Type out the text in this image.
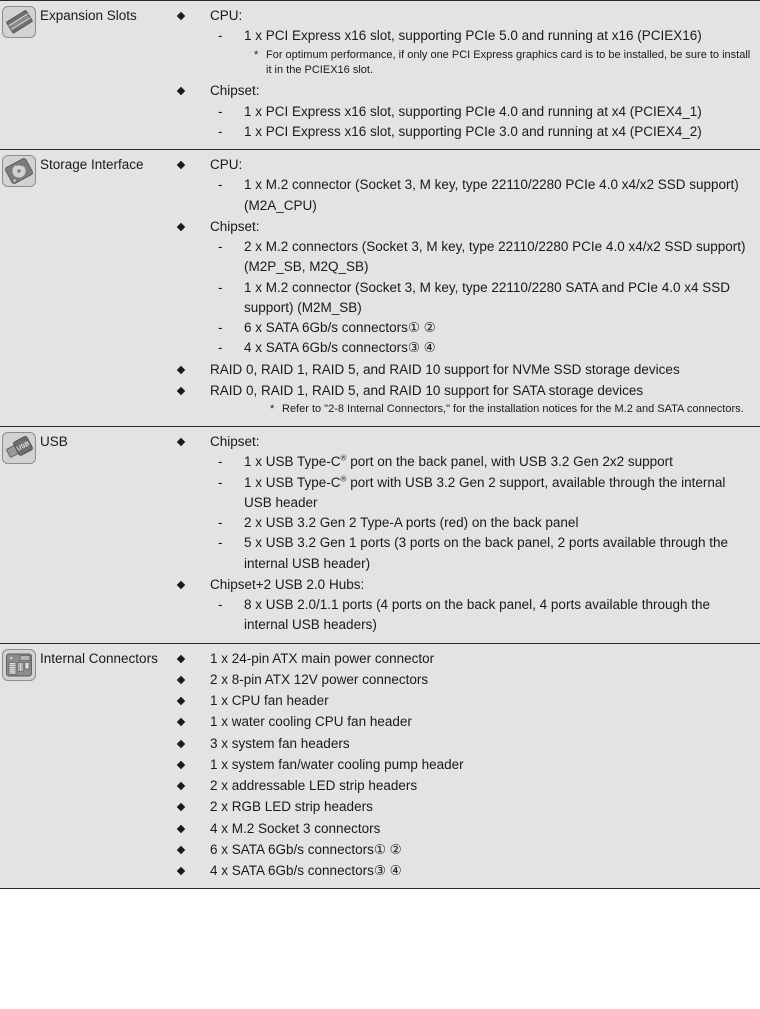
	Expansion Slots	CPU:
- 1 x PCI Express x16 slot, supporting PCIe 5.0 and running at x16 (PCIEX16)
* For optimum performance, if only one PCI Express graphics card is to be installed, be sure to install it in the PCIEX16 slot.
Chipset:
- 1 x PCI Express x16 slot, supporting PCIe 4.0 and running at x4 (PCIEX4_1)
- 1 x PCI Express x16 slot, supporting PCIe 3.0 and running at x4 (PCIEX4_2)

	Storage Interface	CPU:
- 1 x M.2 connector (Socket 3, M key, type 22110/2280 PCIe 4.0 x4/x2 SSD support) (M2A_CPU)
Chipset:
- 2 x M.2 connectors (Socket 3, M key, type 22110/2280 PCIe 4.0 x4/x2 SSD support) (M2P_SB, M2Q_SB)
- 1 x M.2 connector (Socket 3, M key, type 22110/2280 SATA and PCIe 4.0 x4 SSD support) (M2M_SB)
- 6 x SATA 6Gb/s connectors① ②
- 4 x SATA 6Gb/s connectors③ ④
RAID 0, RAID 1, RAID 5, and RAID 10 support for NVMe SSD storage devices
RAID 0, RAID 1, RAID 5, and RAID 10 support for SATA storage devices
* Refer to "2-8 Internal Connectors," for the installation notices for the M.2 and SATA connectors.

USB	USB	Chipset:
- 1 x USB Type-C® port on the back panel, with USB 3.2 Gen 2x2 support
- 1 x USB Type-C® port with USB 3.2 Gen 2 support, available through the internal USB header
- 2 x USB 3.2 Gen 2 Type-A ports (red) on the back panel
- 5 x USB 3.2 Gen 1 ports (3 ports on the back panel, 2 ports available through the internal USB header)
Chipset+2 USB 2.0 Hubs:
- 8 x USB 2.0/1.1 ports (4 ports on the back panel, 4 ports available through the internal USB headers)

	Internal Connectors	1 x 24-pin ATX main power connector
2 x 8-pin ATX 12V power connectors
1 x CPU fan header
1 x water cooling CPU fan header
3 x system fan headers
1 x system fan/water cooling pump header
2 x addressable LED strip headers
2 x RGB LED strip headers
4 x M.2 Socket 3 connectors
6 x SATA 6Gb/s connectors① ②
4 x SATA 6Gb/s connectors③ ④
